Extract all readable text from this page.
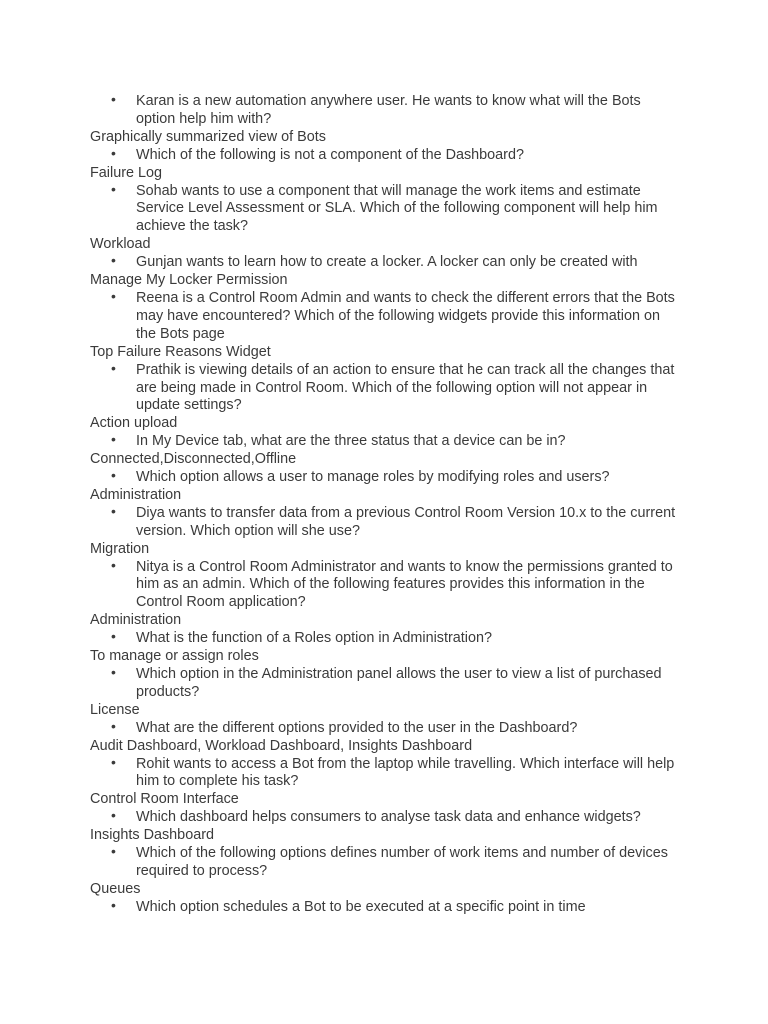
• Karan is a new automation anywhere user. He wants to know what will the Bots option help him with?
Graphically summarized view of Bots
• Which of the following is not a component of the Dashboard?
Failure Log
• Sohab wants to use a component that will manage the work items and estimate Service Level Assessment or SLA. Which of the following component will help him achieve the task?
Workload
• Gunjan wants to learn how to create a locker. A locker can only be created with
Manage My Locker Permission
• Reena is a Control Room Admin and wants to check the different errors that the Bots may have encountered? Which of the following widgets provide this information on the Bots page
Top Failure Reasons Widget
• Prathik is viewing details of an action to ensure that he can track all the changes that are being made in Control Room. Which of the following option will not appear in update settings?
Action upload
• In My Device tab, what are the three status that a device can be in?
Connected,Disconnected,Offline
• Which option allows a user to manage roles by modifying roles and users?
Administration
• Diya wants to transfer data from a previous Control Room Version 10.x to the current version. Which option will she use?
Migration
• Nitya is a Control Room Administrator and wants to know the permissions granted to him as an admin. Which of the following features provides this information in the Control Room application?
Administration
• What is the function of a Roles option in Administration?
To manage or assign roles
• Which option in the Administration panel allows the user to view a list of purchased products?
License
• What are the different options provided to the user in the Dashboard?
Audit Dashboard, Workload Dashboard, Insights Dashboard
• Rohit wants to access a Bot from the laptop while travelling. Which interface will help him to complete his task?
Control Room Interface
• Which dashboard helps consumers to analyse task data and enhance widgets?
Insights Dashboard
• Which of the following options defines number of work items and number of devices required to process?
Queues
• Which option schedules a Bot to be executed at a specific point in time
